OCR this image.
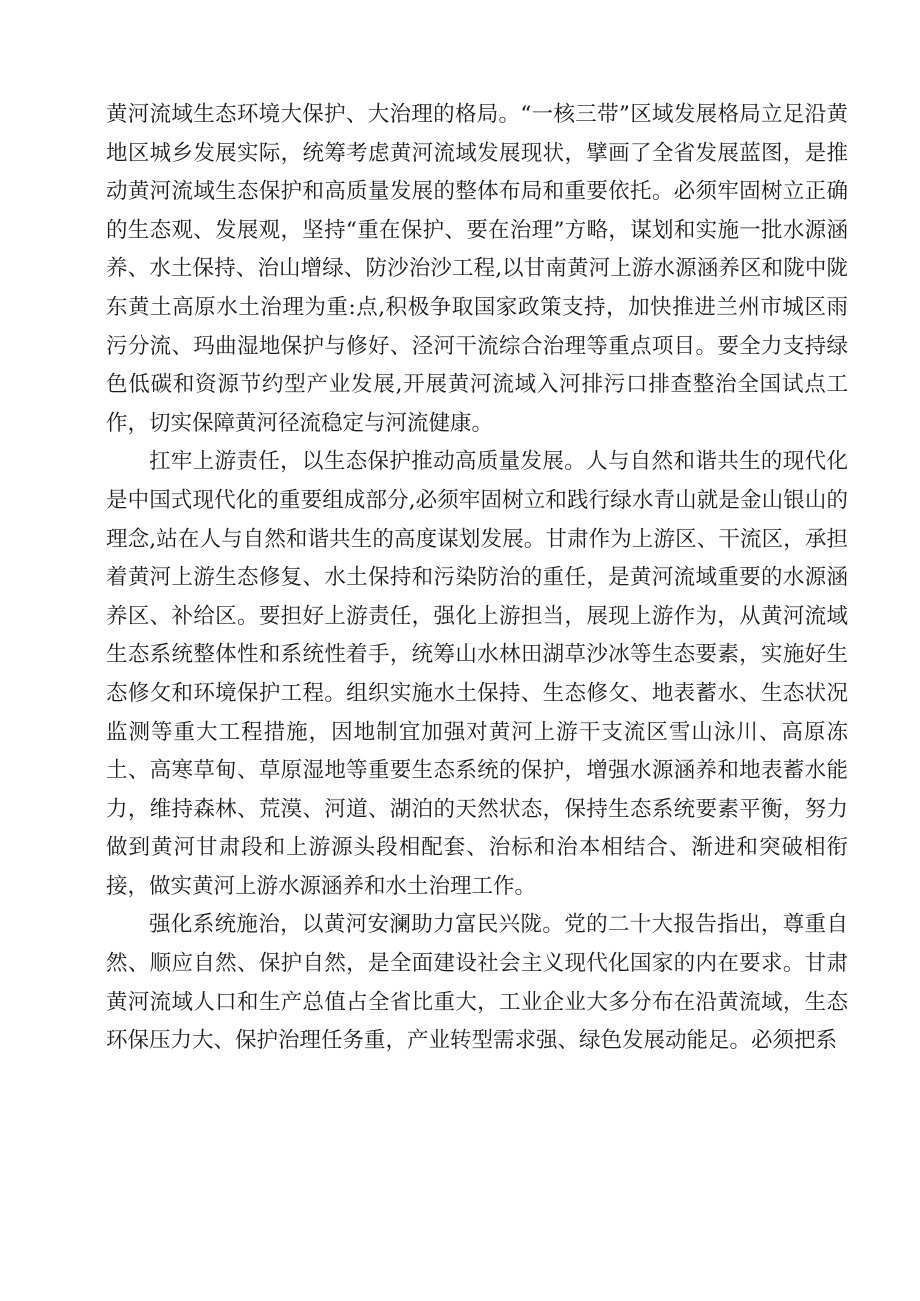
黄河流域生态环境大保护、大治理的格局。“一核三带”区域发展格局立足沿黄地区城乡发展实际，统筹考虑黄河流域发展现状，擘画了全省发展蓝图，是推动黄河流域生态保护和高质量发展的整体布局和重要依托。必须牢固树立正确的生态观、发展观，坚持“重在保护、要在治理”方略，谋划和实施一批水源涵养、水土保持、治山增绿、防沙治沙工程,以甘南黄河上游水源涵养区和陇中陇东黄土高原水土治理为重:点,积极争取国家政策支持，加快推进兰州市城区雨污分流、玛曲湿地保护与修好、泾河干流综合治理等重点项目。要全力支持绿色低碳和资源节约型产业发展,开展黄河流域入河排污口排查整治全国试点工作，切实保障黄河径流稳定与河流健康。

扛牢上游责任，以生态保护推动高质量发展。人与自然和谐共生的现代化是中国式现代化的重要组成部分,必须牢固树立和践行绿水青山就是金山银山的理念,站在人与自然和谐共生的高度谋划发展。甘肃作为上游区、干流区，承担着黄河上游生态修复、水土保持和污染防治的重任，是黄河流域重要的水源涵养区、补给区。要担好上游责任，强化上游担当，展现上游作为，从黄河流域生态系统整体性和系统性着手，统筹山水林田湖草沙冰等生态要素，实施好生态修攵和环境保护工程。组织实施水土保持、生态修攵、地表蓄水、生态状况监测等重大工程措施，因地制宜加强对黄河上游干支流区雪山泳川、高原冻土、高寒草甸、草原湿地等重要生态系统的保护，增强水源涵养和地表蓄水能力，维持森林、荒漠、河道、湖泊的天然状态，保持生态系统要素平衡，努力做到黄河甘肃段和上游源头段相配套、治标和治本相结合、渐进和突破相衔接，做实黄河上游水源涵养和水土治理工作。

强化系统施治，以黄河安澜助力富民兴陇。党的二十大报告指出，尊重自然、顺应自然、保护自然，是全面建设社会主义现代化国家的内在要求。甘肃黄河流域人口和生产总值占全省比重大，工业企业大多分布在沿黄流域，生态环保压力大、保护治理任务重，产业转型需求强、绿色发展动能足。必须把系
